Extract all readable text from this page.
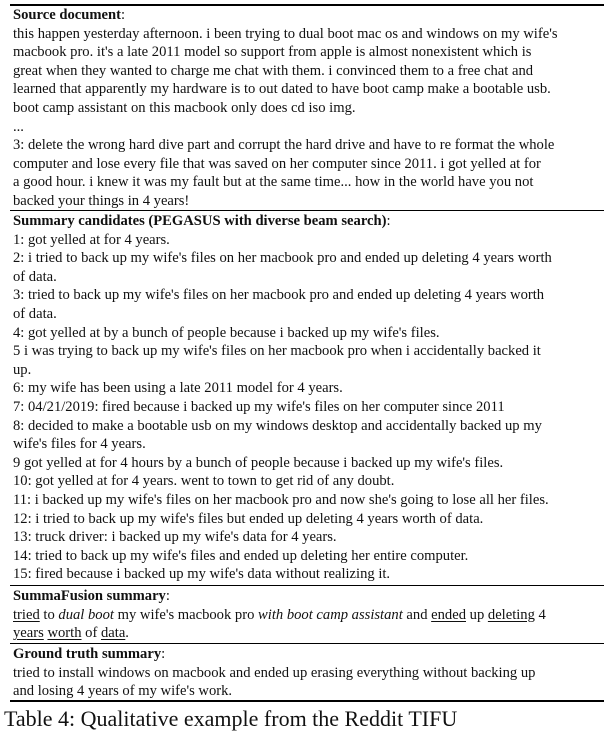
Source document:
this happen yesterday afternoon. i been trying to dual boot mac os and windows on my wife's
macbook pro. it's a late 2011 model so support from apple is almost nonexistent which is
great when they wanted to charge me chat with them. i convinced them to a free chat and
learned that apparently my hardware is to out dated to have boot camp make a bootable usb.
boot camp assistant on this macbook only does cd iso img.
...
3: delete the wrong hard dive part and corrupt the hard drive and have to re format the whole
computer and lose every file that was saved on her computer since 2011. i got yelled at for
a good hour. i knew it was my fault but at the same time... how in the world have you not
backed your things in 4 years!
Summary candidates (PEGASUS with diverse beam search):
1: got yelled at for 4 years.
2: i tried to back up my wife's files on her macbook pro and ended up deleting 4 years worth
of data.
3: tried to back up my wife's files on her macbook pro and ended up deleting 4 years worth
of data.
4: got yelled at by a bunch of people because i backed up my wife's files.
5 i was trying to back up my wife's files on her macbook pro when i accidentally backed it
up.
6: my wife has been using a late 2011 model for 4 years.
7: 04/21/2019: fired because i backed up my wife's files on her computer since 2011
8: decided to make a bootable usb on my windows desktop and accidentally backed up my
wife's files for 4 years.
9 got yelled at for 4 hours by a bunch of people because i backed up my wife's files.
10: got yelled at for 4 years. went to town to get rid of any doubt.
11: i backed up my wife's files on her macbook pro and now she's going to lose all her files.
12: i tried to back up my wife's files but ended up deleting 4 years worth of data.
13: truck driver: i backed up my wife's data for 4 years.
14: tried to back up my wife's files and ended up deleting her entire computer.
15: fired because i backed up my wife's data without realizing it.
SummaFusion summary:
tried to dual boot my wife's macbook pro with boot camp assistant and ended up deleting 4
years worth of data.
Ground truth summary:
tried to install windows on macbook and ended up erasing everything without backing up
and losing 4 years of my wife's work.
Table 4: Qualitative example from the Reddit TIFU
